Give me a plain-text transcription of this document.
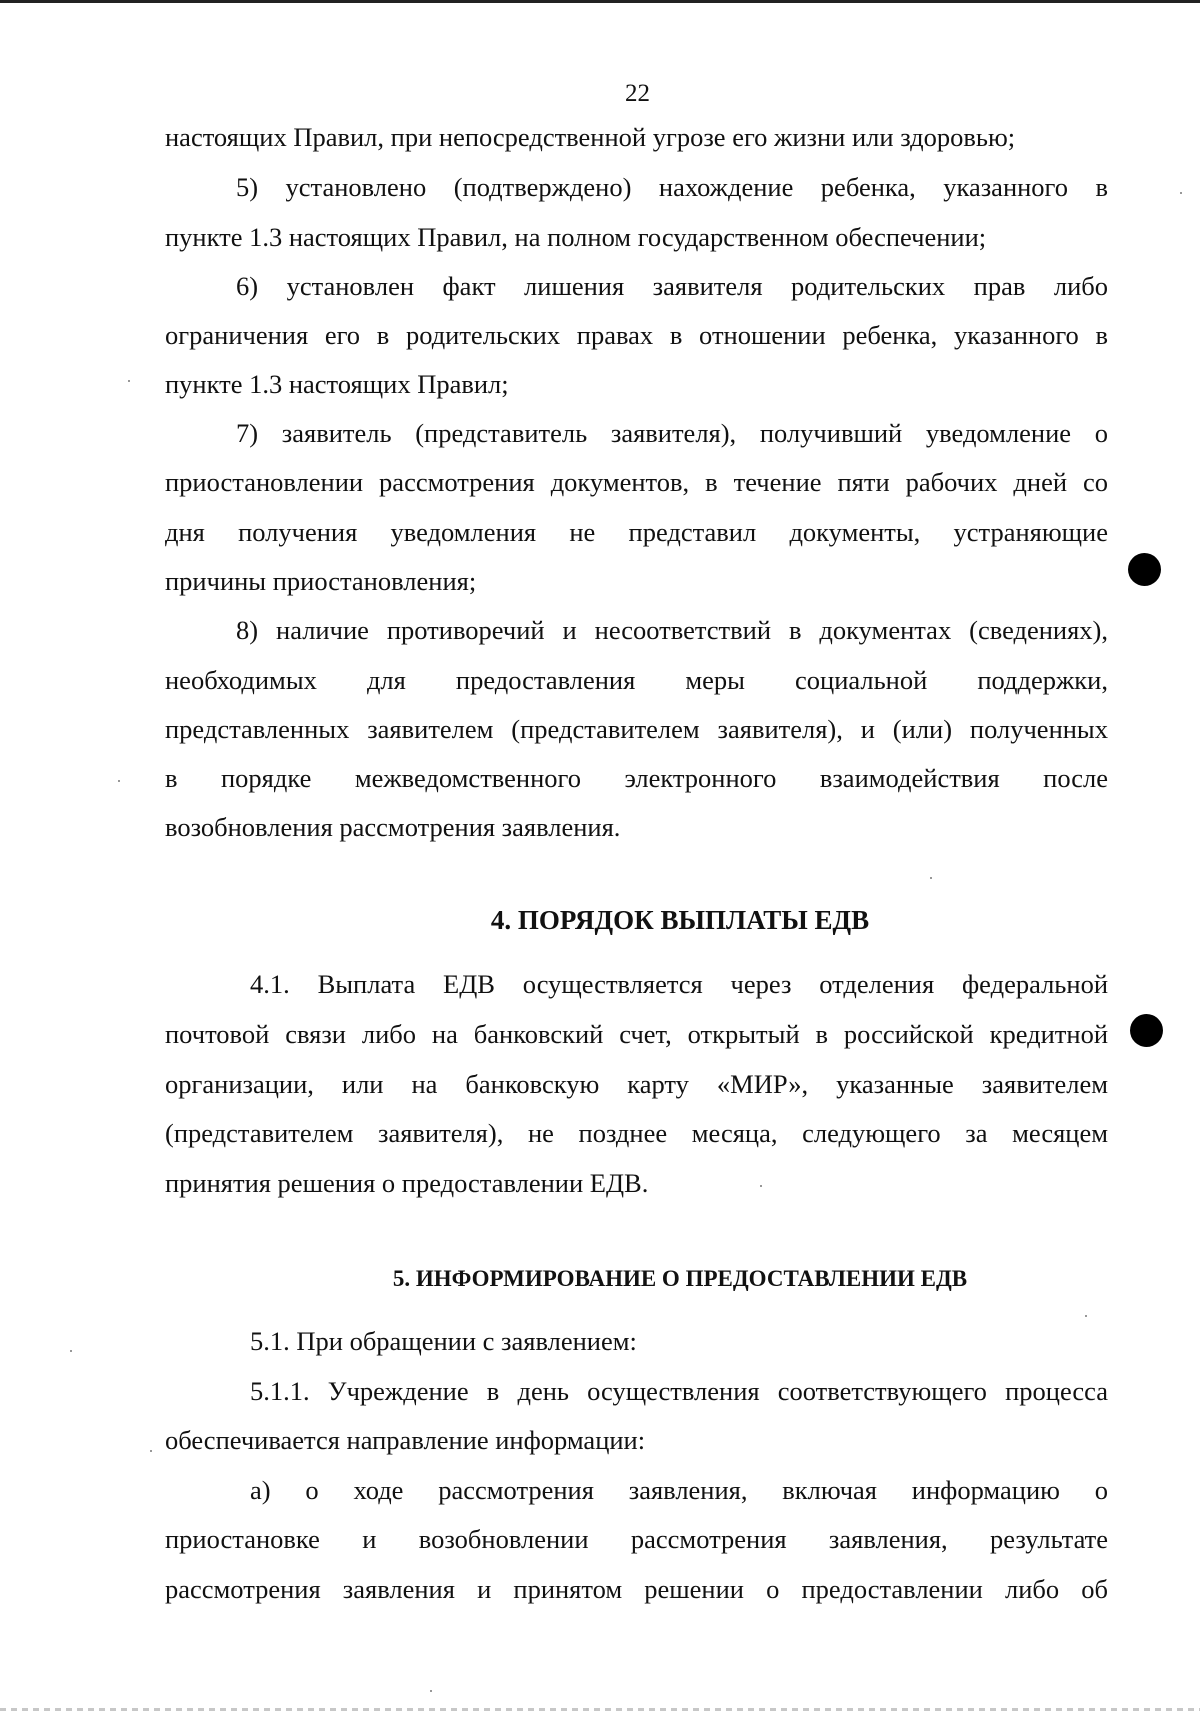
22
настоящих Правил, при непосредственной угрозе его жизни или здоровью;
5) установлено (подтверждено) нахождение ребенка, указанного в
пункте 1.3 настоящих Правил, на полном государственном обеспечении;
6) установлен факт лишения заявителя родительских прав либо
ограничения его в родительских правах в отношении ребенка, указанного в
пункте 1.3 настоящих Правил;
7) заявитель (представитель заявителя), получивший уведомление о
приостановлении рассмотрения документов, в течение пяти рабочих дней со
дня получения уведомления не представил документы, устраняющие
причины приостановления;
8) наличие противоречий и несоответствий в документах (сведениях),
необходимых для предоставления меры социальной поддержки,
представленных заявителем (представителем заявителя), и (или) полученных
в порядке межведомственного электронного взаимодействия после
возобновления рассмотрения заявления.
4. ПОРЯДОК ВЫПЛАТЫ ЕДВ
4.1. Выплата ЕДВ осуществляется через отделения федеральной
почтовой связи либо на банковский счет, открытый в российской кредитной
организации, или на банковскую карту «МИР», указанные заявителем
(представителем заявителя), не позднее месяца, следующего за месяцем
принятия решения о предоставлении ЕДВ.
5. ИНФОРМИРОВАНИЕ О ПРЕДОСТАВЛЕНИИ ЕДВ
5.1. При обращении с заявлением:
5.1.1. Учреждение в день осуществления соответствующего процесса
обеспечивается направление информации:
а) о ходе рассмотрения заявления, включая информацию о
приостановке и возобновлении рассмотрения заявления, результате
рассмотрения заявления и принятом решении о предоставлении либо об
